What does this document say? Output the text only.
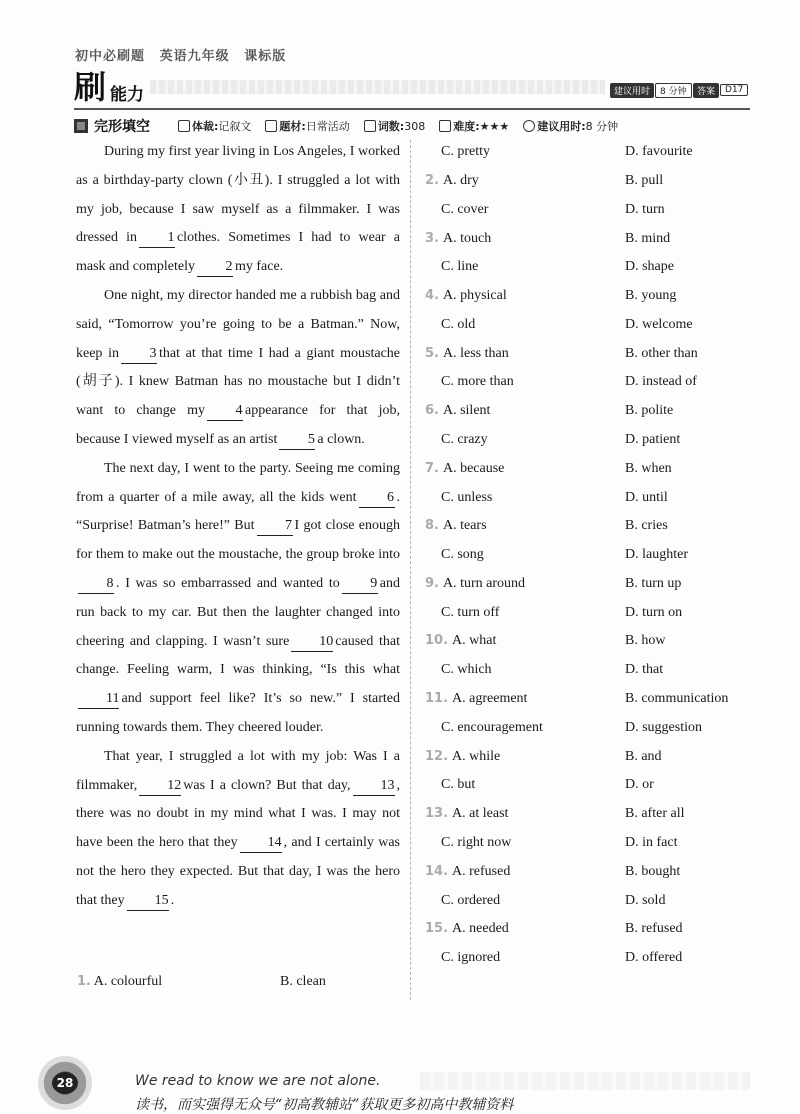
初中必刷题 英语九年级 课标版
刷 能力	建议用时	8 分钟	答案	D17
完形填空	体裁: 记叙文	题材: 日常活动	词数: 308	难度: ★★★	建议用时: 8 分钟

During my first year living in Los Angeles, I worked as a birthday-party clown (小丑). I struggled a lot with my job, because I saw myself as a filmmaker. I was dressed in 1 clothes. Sometimes I had to wear a mask and completely 2 my face.

One night, my director handed me a rubbish bag and said, “Tomorrow you’re going to be a Batman.” Now, keep in 3 that at that time I had a giant moustache (胡子). I knew Batman has no moustache but I didn’t want to change my 4 appearance for that job, because I viewed myself as an artist 5 a clown.

The next day, I went to the party. Seeing me coming from a quarter of a mile away, all the kids went 6 . “Surprise! Batman’s here!” But 7 I got close enough for them to make out the moustache, the group broke into8 . I was so embarrassed and wanted to 9 and run back to my car. But then the laughter changed into cheering and clapping. I wasn’t sure 10 caused that change. Feeling warm, I was thinking, “Is this what11 and support feel like? It’s so new.” I started running towards them. They cheered louder.

That year, I struggled a lot with my job: Was I a filmmaker, 12 was I a clown? But that day, 13 , there was no doubt in my mind what I was. I may not have been the hero that they 14 , and I certainly was not the hero they expected. But that day, I was the hero that they 15 .

1. A. colourful	B. clean
C. pretty	D. favourite
2. A. dry	B. pull
C. cover	D. turn
3. A. touch	B. mind
C. line	D. shape
4. A. physical	B. young
C. old	D. welcome
5. A. less than	B. other than
C. more than	D. instead of
6. A. silent	B. polite
C. crazy	D. patient
7. A. because	B. when
C. unless	D. until
8. A. tears	B. cries
C. song	D. laughter
9. A. turn around	B. turn up
C. turn off	D. turn on
10. A. what	B. how
C. which	D. that
11. A. agreement	B. communication
C. encouragement	D. suggestion
12. A. while	B. and
C. but	D. or
13. A. at least	B. after all
C. right now	D. in fact
14. A. refused	B. bought
C. ordered	D. sold
15. A. needed	B. refused
C. ignored	D. offered
28	We read to know we are not alone.
读书，而实强得无众号“初高教辅站”获取更多初高中教辅资料
